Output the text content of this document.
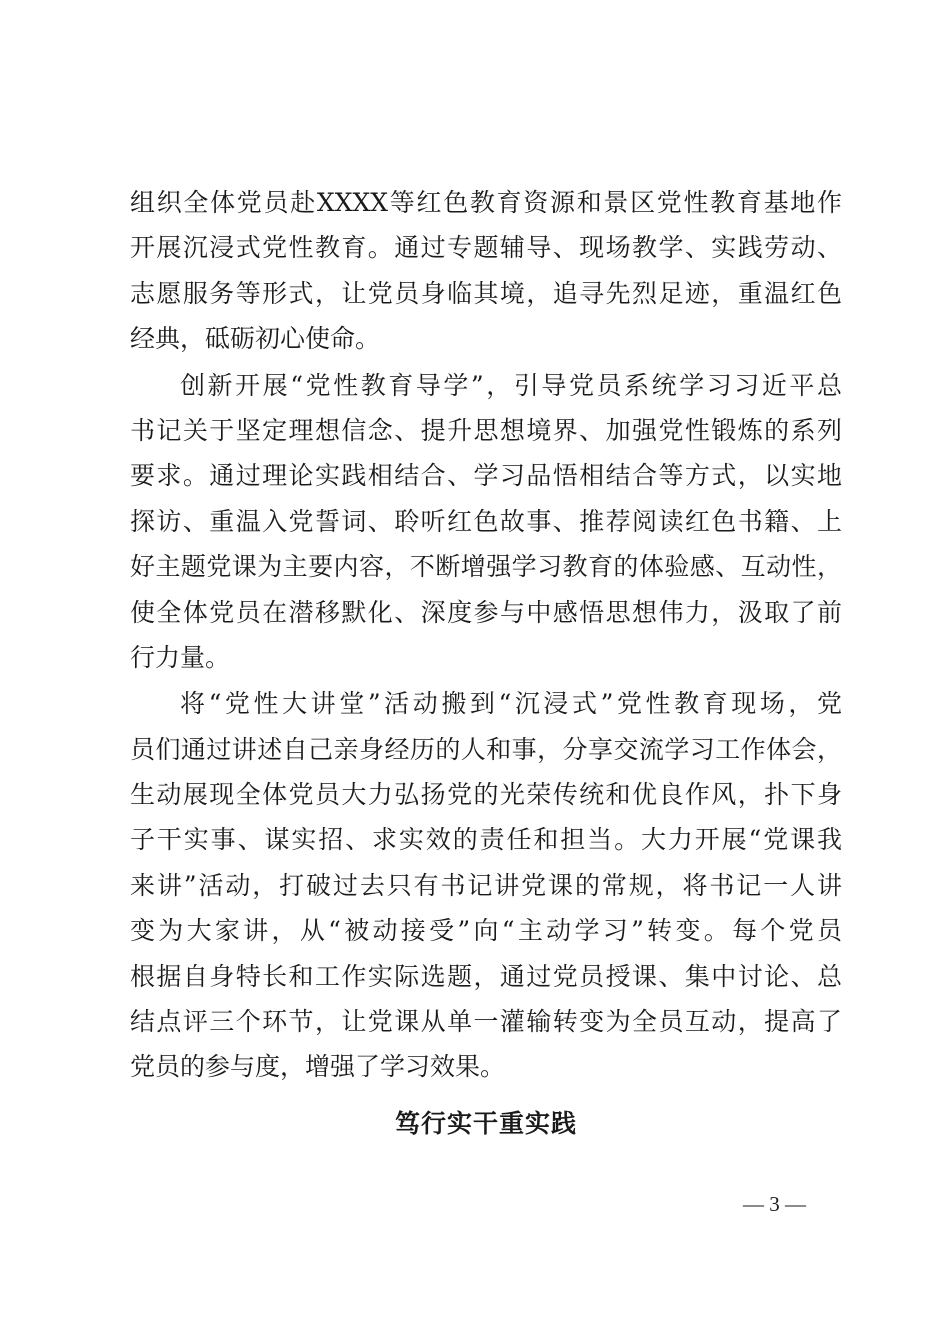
组织全体党员赴XXXX等红色教育资源和景区党性教育基地作
开展沉浸式党性教育。通过专题辅导、现场教学、实践劳动、
志愿服务等形式，让党员身临其境，追寻先烈足迹，重温红色
经典，砥砺初心使命。
创新开展“党性教育导学”，引导党员系统学习习近平总
书记关于坚定理想信念、提升思想境界、加强党性锻炼的系列
要求。通过理论实践相结合、学习品悟相结合等方式，以实地
探访、重温入党誓词、聆听红色故事、推荐阅读红色书籍、上
好主题党课为主要内容，不断增强学习教育的体验感、互动性，
使全体党员在潜移默化、深度参与中感悟思想伟力，汲取了前
行力量。
将“党性大讲堂”活动搬到“沉浸式”党性教育现场，党
员们通过讲述自己亲身经历的人和事，分享交流学习工作体会，
生动展现全体党员大力弘扬党的光荣传统和优良作风，扑下身
子干实事、谋实招、求实效的责任和担当。大力开展“党课我
来讲”活动，打破过去只有书记讲党课的常规，将书记一人讲
变为大家讲，从“被动接受”向“主动学习”转变。每个党员
根据自身特长和工作实际选题，通过党员授课、集中讨论、总
结点评三个环节，让党课从单一灌输转变为全员互动，提高了
党员的参与度，增强了学习效果。
笃行实干重实践
— 3 —
